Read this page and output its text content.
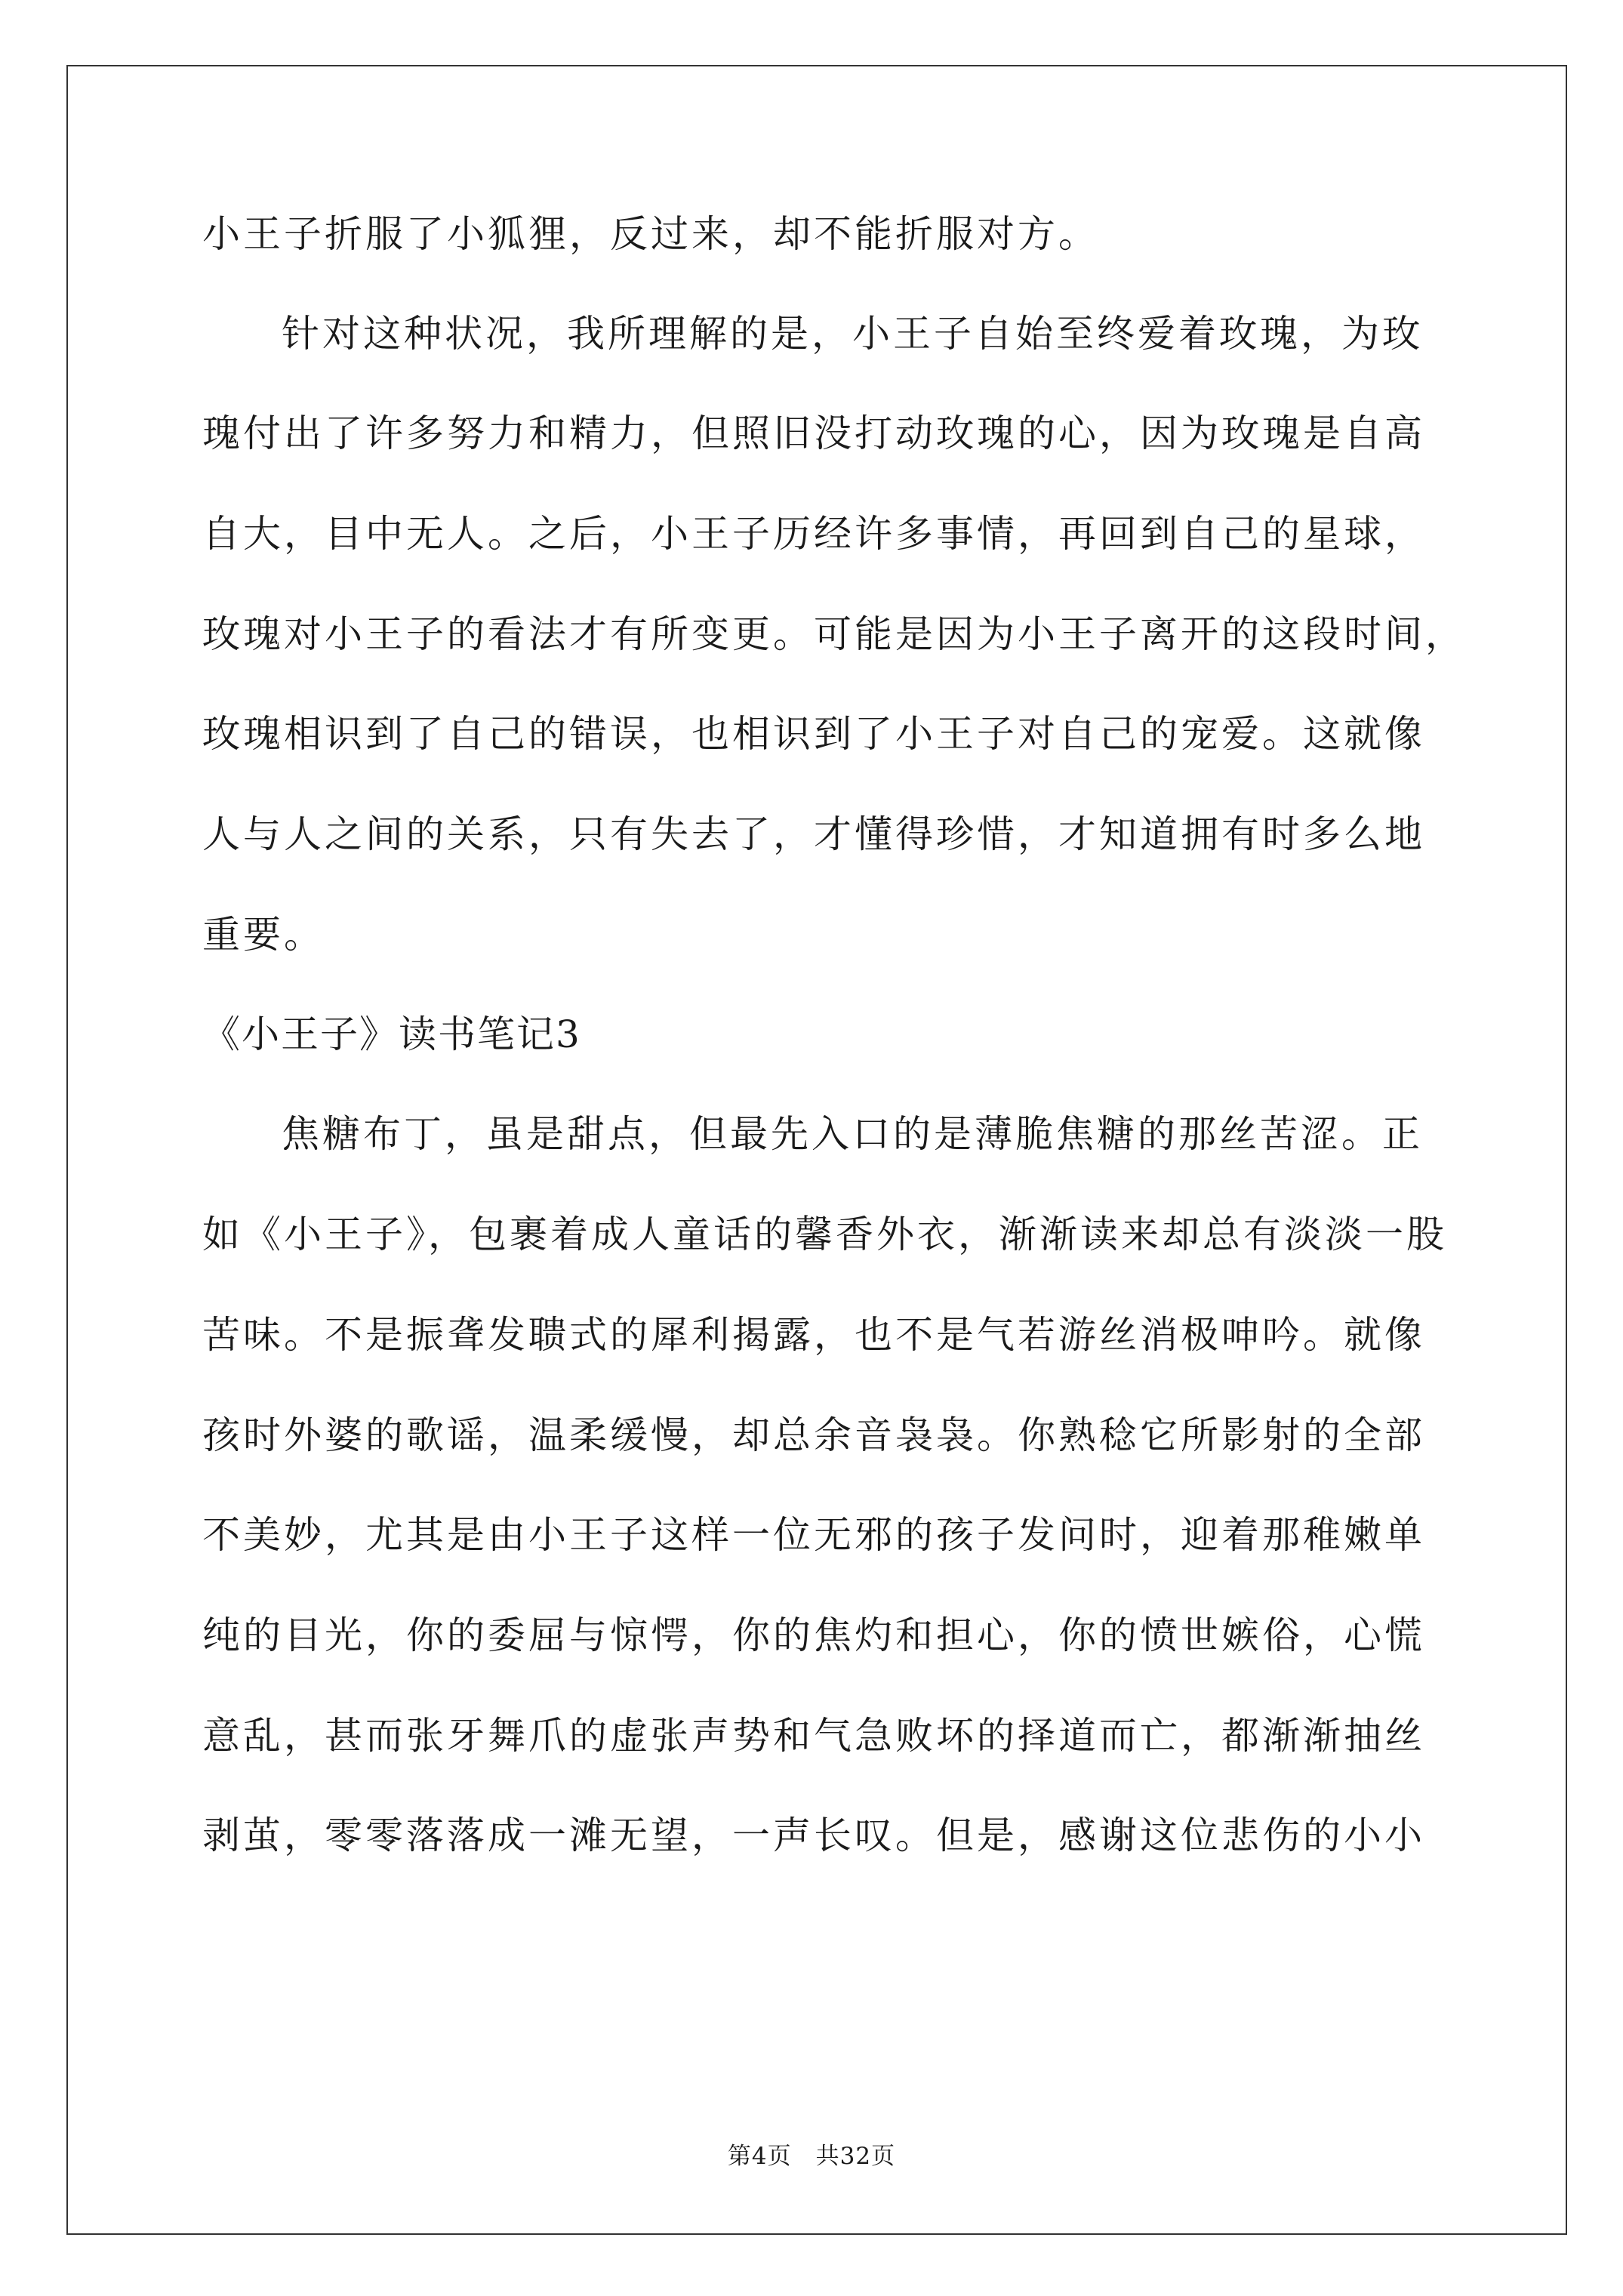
小王子折服了小狐狸，反过来，却不能折服对方。
针对这种状况，我所理解的是，小王子自始至终爱着玫瑰，为玫
瑰付出了许多努力和精力，但照旧没打动玫瑰的心，因为玫瑰是自高
自大，目中无人。之后，小王子历经许多事情，再回到自己的星球，
玫瑰对小王子的看法才有所变更。可能是因为小王子离开的这段时间，
玫瑰相识到了自己的错误，也相识到了小王子对自己的宠爱。这就像
人与人之间的关系，只有失去了，才懂得珍惜，才知道拥有时多么地
重要。
《小王子》读书笔记3
焦糖布丁，虽是甜点，但最先入口的是薄脆焦糖的那丝苦涩。正
如《小王子》，包裹着成人童话的馨香外衣，渐渐读来却总有淡淡一股
苦味。不是振聋发聩式的犀利揭露，也不是气若游丝消极呻吟。就像
孩时外婆的歌谣，温柔缓慢，却总余音袅袅。你熟稔它所影射的全部
不美妙，尤其是由小王子这样一位无邪的孩子发问时，迎着那稚嫩单
纯的目光，你的委屈与惊愕，你的焦灼和担心，你的愤世嫉俗，心慌
意乱，甚而张牙舞爪的虚张声势和气急败坏的择道而亡，都渐渐抽丝
剥茧，零零落落成一滩无望，一声长叹。但是，感谢这位悲伤的小小
第4页　共32页
